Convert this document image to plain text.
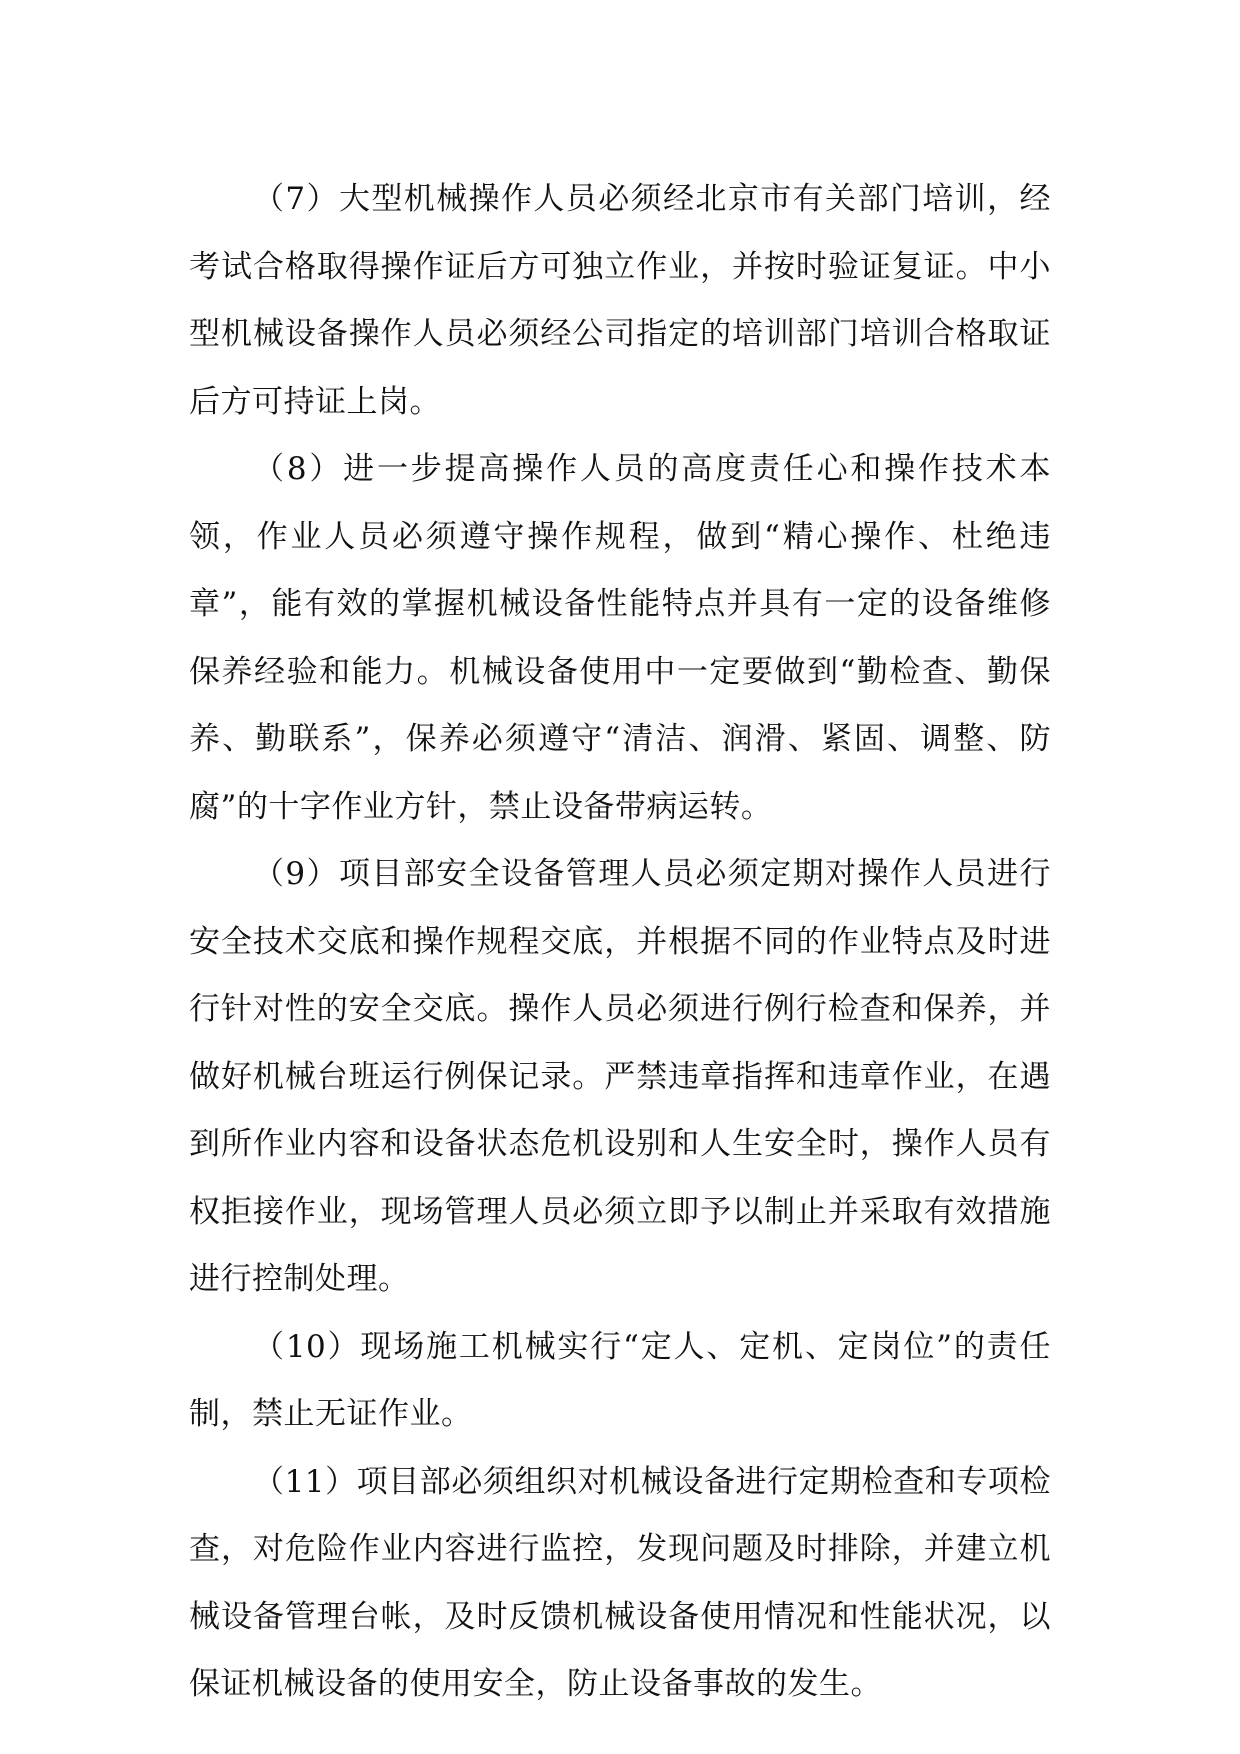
（7）大型机械操作人员必须经北京市有关部门培训，经考试合格取得操作证后方可独立作业，并按时验证复证。中小型机械设备操作人员必须经公司指定的培训部门培训合格取证后方可持证上岗。

（8）进一步提高操作人员的高度责任心和操作技术本领，作业人员必须遵守操作规程，做到“精心操作、杜绝违章”，能有效的掌握机械设备性能特点并具有一定的设备维修保养经验和能力。机械设备使用中一定要做到“勤检查、勤保养、勤联系”，保养必须遵守“清洁、润滑、紧固、调整、防腐”的十字作业方针，禁止设备带病运转。

（9）项目部安全设备管理人员必须定期对操作人员进行安全技术交底和操作规程交底，并根据不同的作业特点及时进行针对性的安全交底。操作人员必须进行例行检查和保养，并做好机械台班运行例保记录。严禁违章指挥和违章作业，在遇到所作业内容和设备状态危机设别和人生安全时，操作人员有权拒接作业，现场管理人员必须立即予以制止并采取有效措施进行控制处理。

（10）现场施工机械实行“定人、定机、定岗位”的责任制，禁止无证作业。

（11）项目部必须组织对机械设备进行定期检查和专项检查，对危险作业内容进行监控，发现问题及时排除，并建立机械设备管理台帐，及时反馈机械设备使用情况和性能状况，以保证机械设备的使用安全，防止设备事故的发生。
